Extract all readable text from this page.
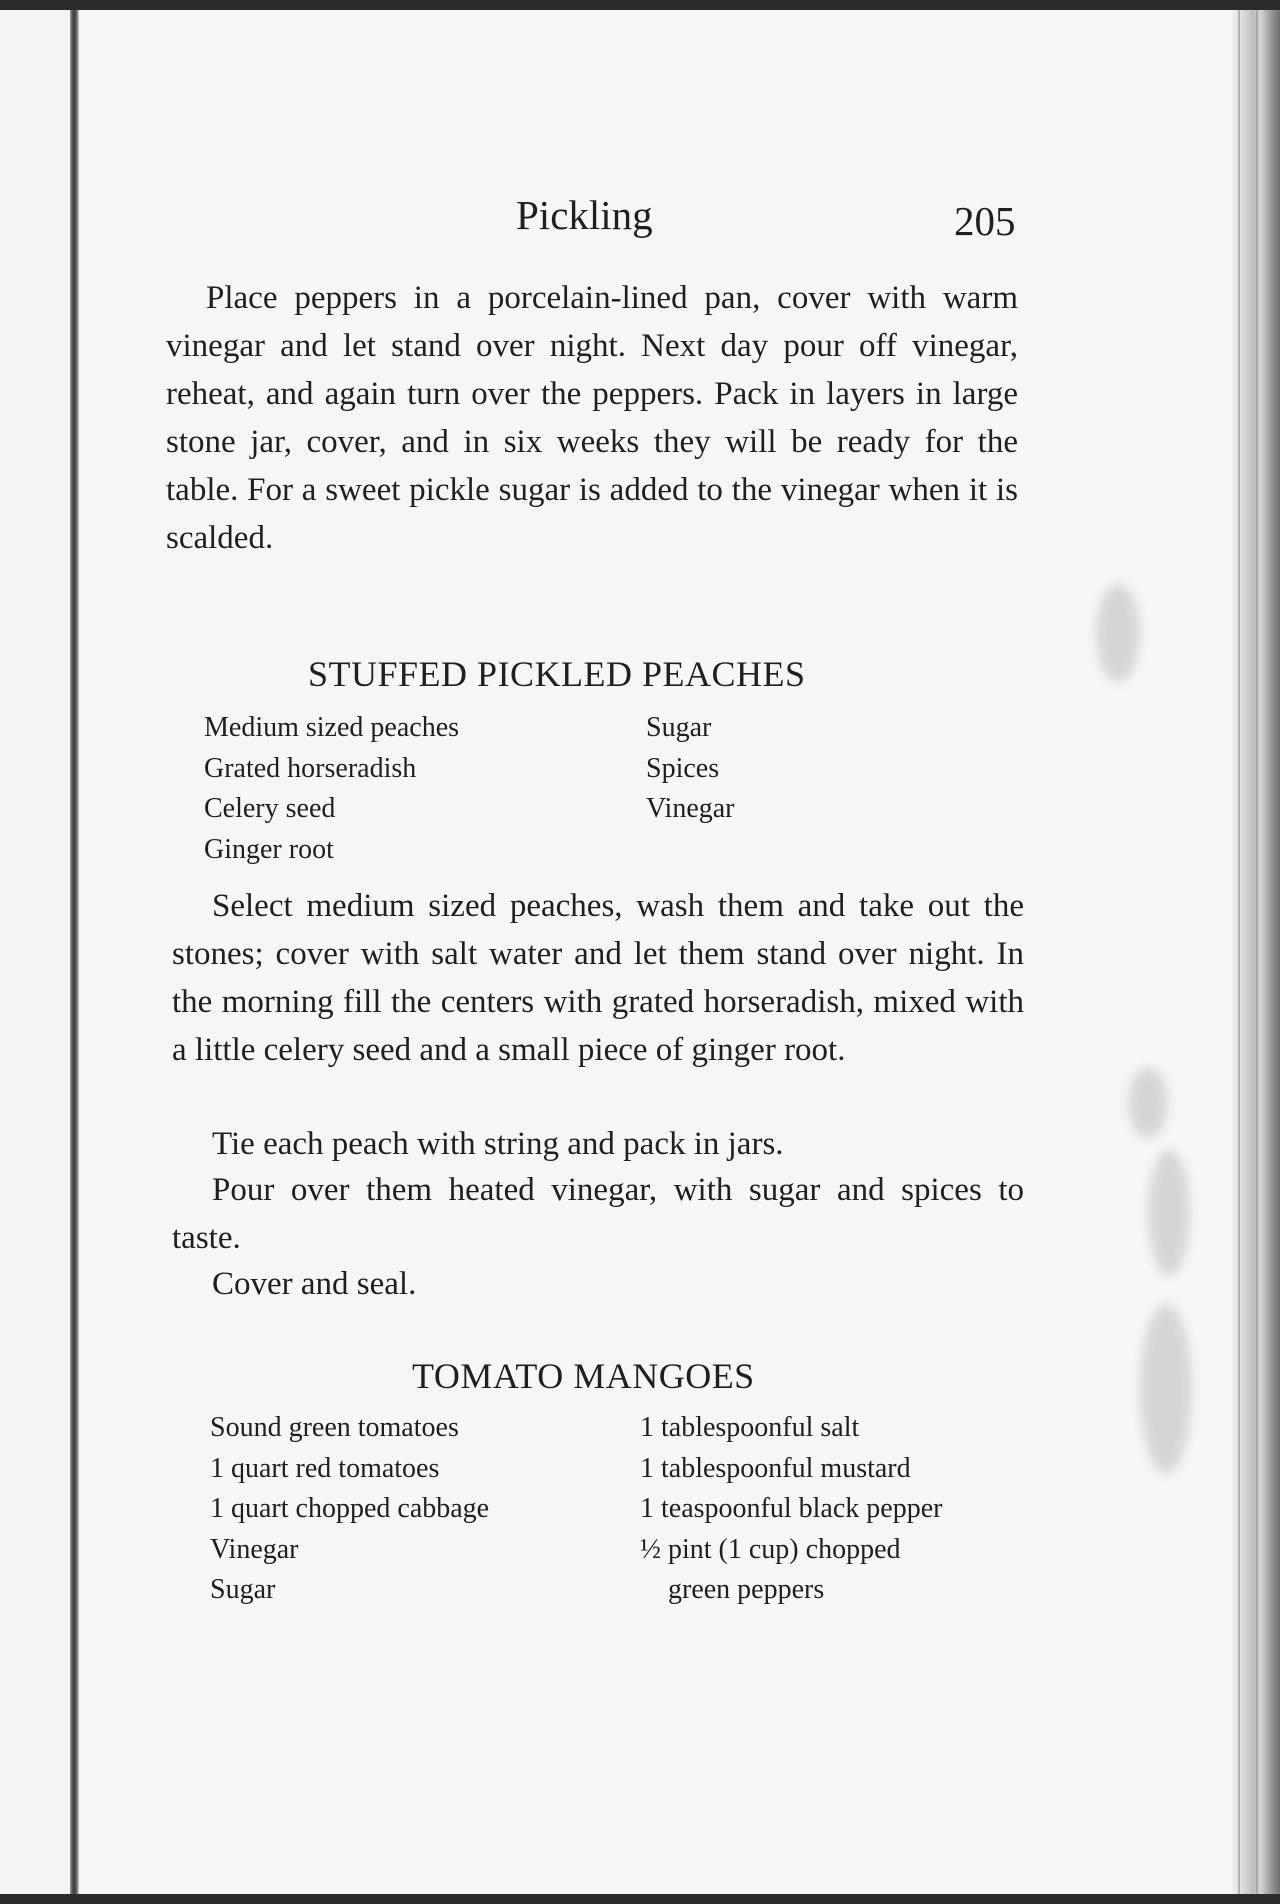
Pickling	205
Place peppers in a porcelain-lined pan, cover with warm vinegar and let stand over night. Next day pour off vinegar, reheat, and again turn over the peppers. Pack in layers in large stone jar, cover, and in six weeks they will be ready for the table. For a sweet pickle sugar is added to the vinegar when it is scalded.
STUFFED PICKLED PEACHES
Medium sized peaches
Grated horseradish
Celery seed
Ginger root
Sugar
Spices
Vinegar
Select medium sized peaches, wash them and take out the stones; cover with salt water and let them stand over night. In the morning fill the centers with grated horseradish, mixed with a little celery seed and a small piece of ginger root.
Tie each peach with string and pack in jars.
Pour over them heated vinegar, with sugar and spices to taste.
Cover and seal.
TOMATO MANGOES
Sound green tomatoes
1 quart red tomatoes
1 quart chopped cabbage
Vinegar
Sugar
1 tablespoonful salt
1 tablespoonful mustard
1 teaspoonful black pepper
½ pint (1 cup) chopped
green peppers
